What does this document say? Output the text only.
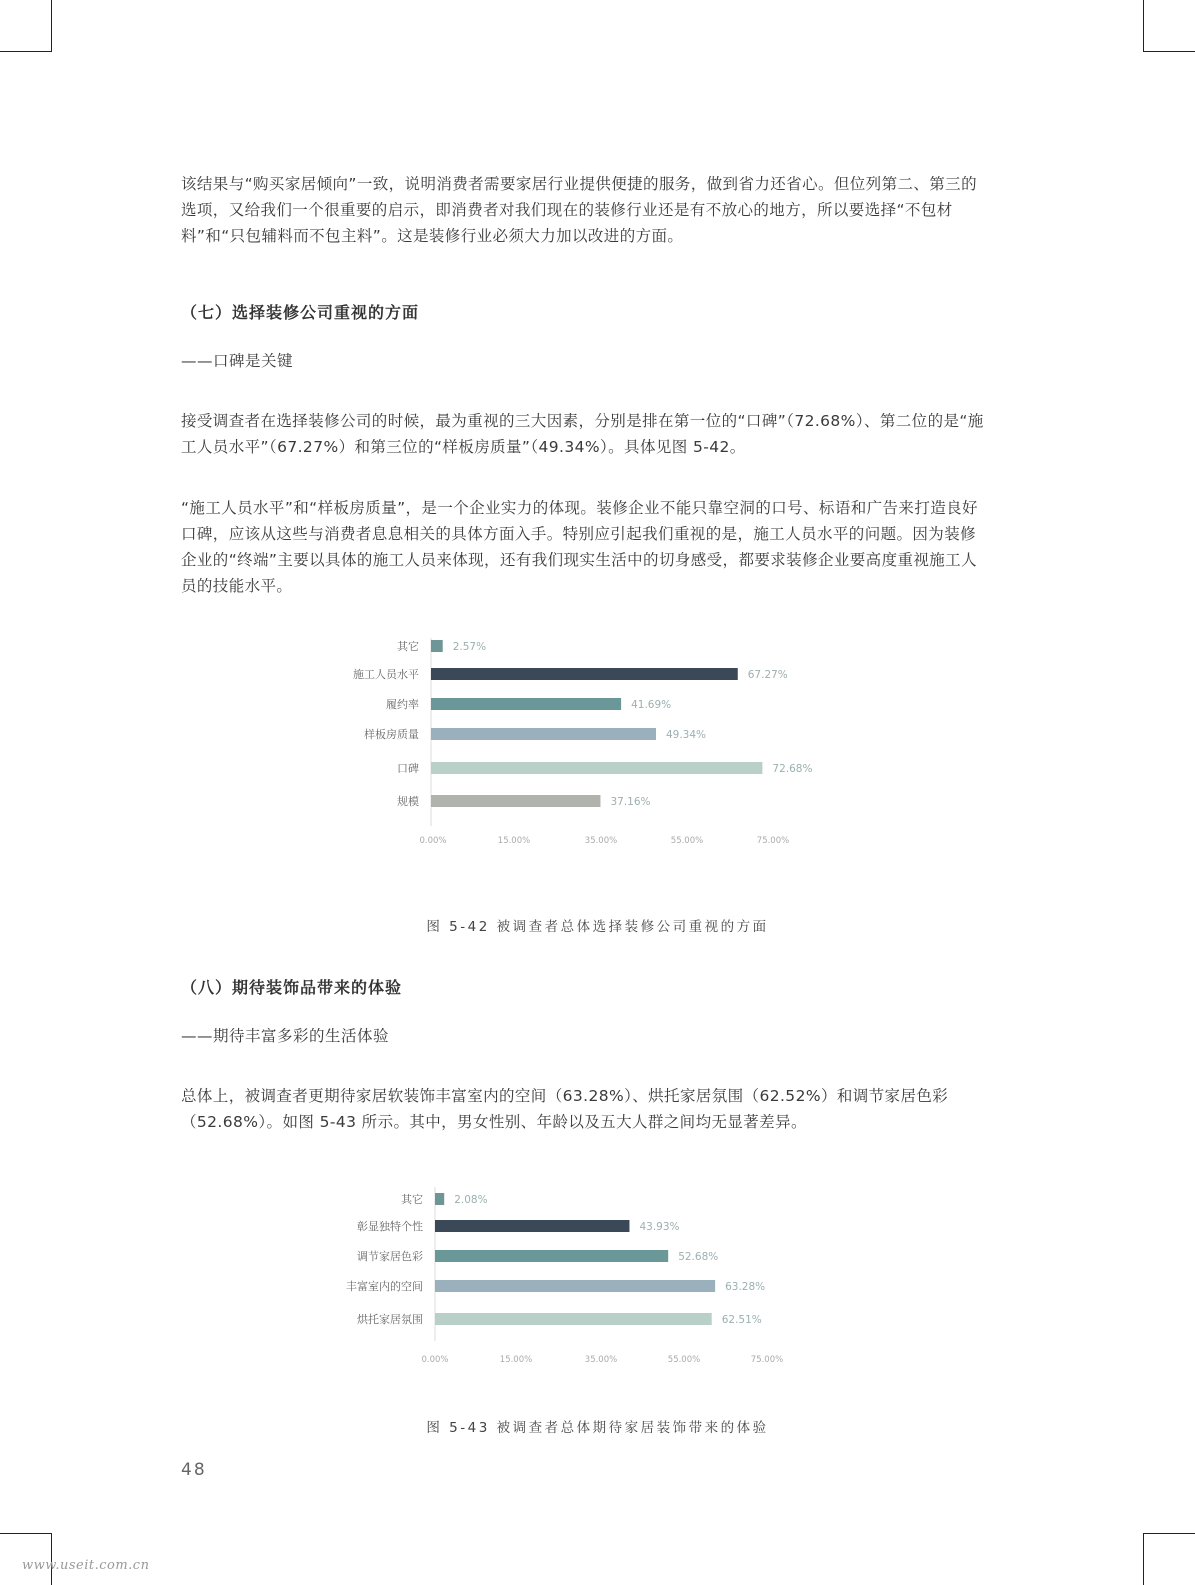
该结果与“购买家居倾向”一致，说明消费者需要家居行业提供便捷的服务，做到省力还省心。但位列第二、第三的选项，又给我们一个很重要的启示，即消费者对我们现在的装修行业还是有不放心的地方，所以要选择“不包材料”和“只包辅料而不包主料”。这是装修行业必须大力加以改进的方面。

（七）选择装修公司重视的方面

——口碑是关键

接受调查者在选择装修公司的时候，最为重视的三大因素，分别是排在第一位的“口碑”（72.68%）、第二位的是“施工人员水平”（67.27%）和第三位的“样板房质量”（49.34%）。具体见图 5-42。

“施工人员水平”和“样板房质量”，是一个企业实力的体现。装修企业不能只靠空洞的口号、标语和广告来打造良好口碑，应该从这些与消费者息息相关的具体方面入手。特别应引起我们重视的是，施工人员水平的问题。因为装修企业的“终端”主要以具体的施工人员来体现，还有我们现实生活中的切身感受，都要求装修企业要高度重视施工人员的技能水平。

其它	2.57%
施工人员水平	67.27%
履约率	41.69%
样板房质量	49.34%
口碑	72.68%
规模	37.16%
0.00%	15.00%	35.00%	55.00%	75.00%

图 5-42 被调查者总体选择装修公司重视的方面

（八）期待装饰品带来的体验

——期待丰富多彩的生活体验

总体上，被调查者更期待家居软装饰丰富室内的空间（63.28%）、烘托家居氛围（62.52%）和调节家居色彩（52.68%）。如图 5-43 所示。其中，男女性别、年龄以及五大人群之间均无显著差异。

其它	2.08%
彰显独特个性	43.93%
调节家居色彩	52.68%
丰富室内的空间	63.28%
烘托家居氛围	62.51%
0.00%	15.00%	35.00%	55.00%	75.00%

图 5-43 被调查者总体期待家居装饰带来的体验

48
www.useit.com.cn
